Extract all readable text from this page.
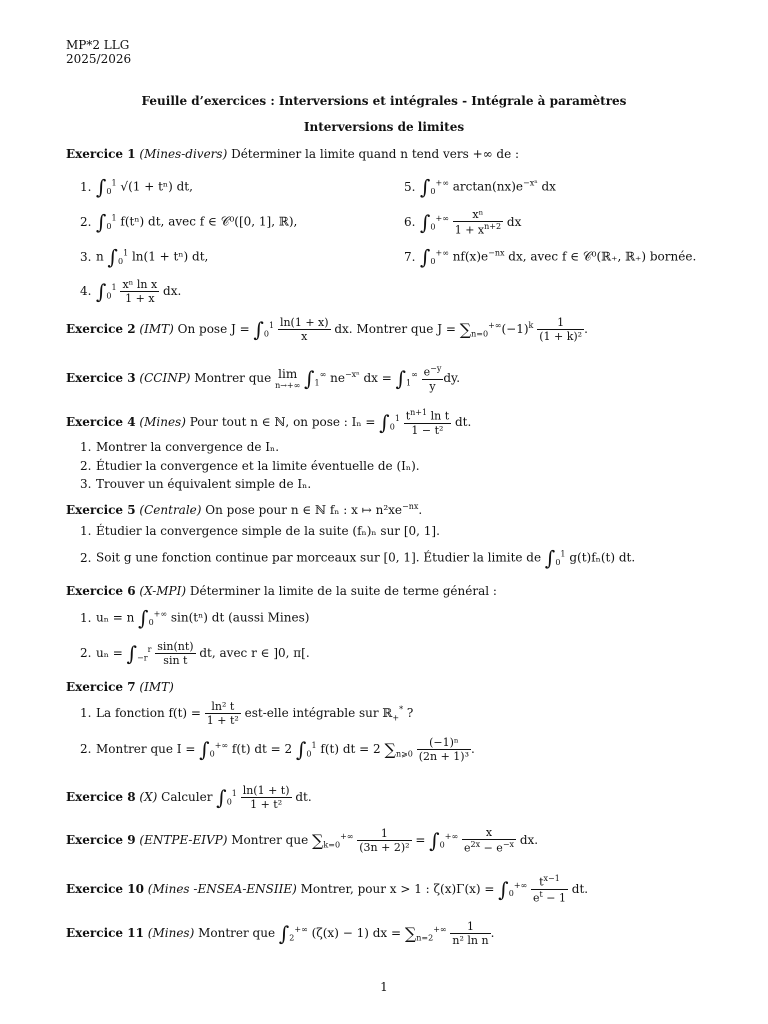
MP*2 LLG
2025/2026
Feuille d’exercices : Interversions et intégrales - Intégrale à paramètres
Interversions de limites
Exercice 1 (Mines-divers) Déterminer la limite quand n tend vers +∞ de :
1. $\int_0^1$ √(1 + tⁿ) dt,
2. $\int_0^1$ f(tⁿ) dt, avec f ∈ 𝒞⁰([0, 1], ℝ),
3. n $\int_0^1$ ln(1 + tⁿ) dt,
4. $\int_0^1 \frac{\text{xⁿ ln x}}{1 + x}$ dx.
5. $\int_0^{+\infty}$ $\arctan(nx)e^{-x^n}$ dx
6. $\int_0^{+\infty} \frac{\text{xⁿ}}{1 + x^{n+2}}$ dx
7. $\int_0^{+\infty}$ $nf(x)e^{-nx}$ dx, avec f ∈ 𝒞⁰(ℝ₊, ℝ₊) bornée.
Exercice 2 (IMT) On pose $J = \int_0^1 \frac{\ln(1 + x)}{x}$ dx. Montrer que $J = \sum_{n=0}^{+\infty}(-1)^k \frac{1}{\text{(1 + k)²}}$ .
Exercice 3 (CCINP) Montrer que lim
n→+∞ $\int_1^\infty$ $ne^{-x^n}$ dx = $\int_1^\infty \frac{e^{-y}}{y}$ dy.
Exercice 4 (Mines) Pour tout n ∈ ℕ, on pose : $I_n = \int_0^1 \frac{t^{n+1} \ln t}{\text{1 − t²}}$ dt.
1. Montrer la convergence de Iₙ.
2. Étudier la convergence et la limite éventuelle de (Iₙ).
3. Trouver un équivalent simple de Iₙ.
Exercice 5 (Centrale) On pose pour n ∈ ℕ fₙ : x ↦ $n^2xe^{-nx}$.
1. Étudier la convergence simple de la suite (fₙ)ₙ sur [0, 1].
2. Soit g une fonction continue par morceaux sur [0, 1]. Étudier la limite de $\int_0^1$ g(t)fₙ(t) dt.
Exercice 6 (X-MPI) Déterminer la limite de la suite de terme général :
1. uₙ = n $\int_0^{+\infty}$ sin(tⁿ) dt (aussi Mines)
2. $u_n = \int_{-r}^r \frac{\sin(nt)}{\text{sin t}}$ dt, avec r ∈ ]0, π[.
Exercice 7 (IMT)
1. La fonction $f(t) = \frac{\text{ln² t}}{\text{1 + t²}}$ est-elle intégrable sur ℝ$_+$* ?
2. Montrer que $I = \int_0^{+\infty}$ f(t) dt = 2 $\int_0^1$ f(t) dt = 2 $\sum_{n⩾0} \frac{\text{(−1)ⁿ}}{\text{(2n + 1)³}}$ .
Exercice 8 (X) Calculer $\int_0^1 \frac{\ln(1 + t)}{\text{1 + t²}}$ dt.
Exercice 9 (ENTPE-EIVP) Montrer que $\sum_{k=0}^{+\infty} \frac{1}{\text{(3n + 2)²}} = \int_0^{+\infty} \frac{x}{e^{2x} - e^{-x}}$ dx.
Exercice 10 (Mines -ENSEA-ENSIIE) Montrer, pour x > 1 : $\zeta(x)\Gamma(x) = \int_0^{+\infty} \frac{t^{x-1}}{e^t - 1}$ dt.
Exercice 11 (Mines) Montrer que $\int_2^{+\infty}$ (ζ(x) − 1) dx = $\sum_{n=2}^{+\infty} \frac{1}{\text{n² ln n}}$ .
1
